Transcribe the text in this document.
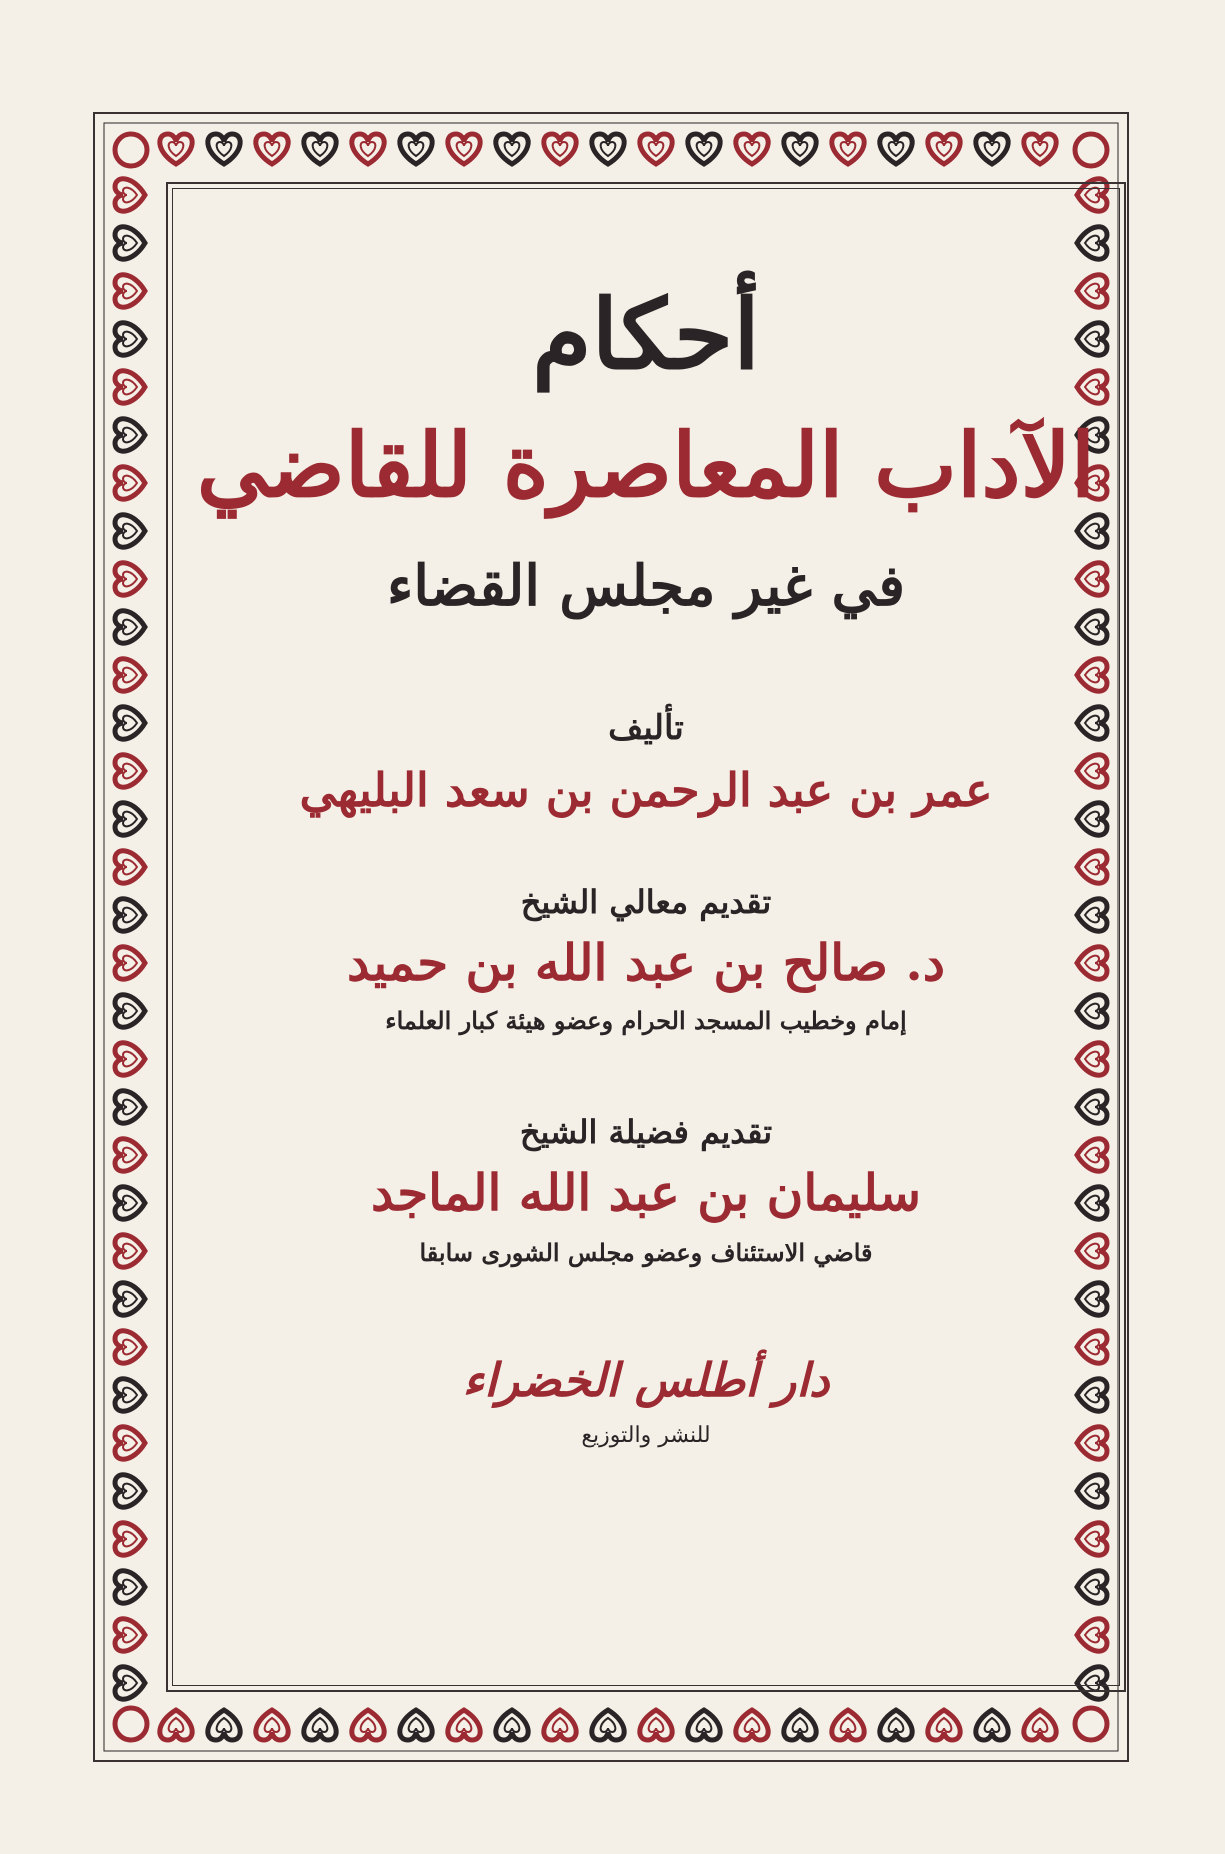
أحكام
الآداب المعاصرة للقاضي
في غير مجلس القضاء
تأليف
عمر بن عبد الرحمن بن سعد البليهي
تقديم معالي الشيخ
د. صالح بن عبد الله بن حميد
إمام وخطيب المسجد الحرام وعضو هيئة كبار العلماء
تقديم فضيلة الشيخ
سليمان بن عبد الله الماجد
قاضي الاستئناف وعضو مجلس الشورى سابقا
دار أطلس الخضراء
للنشر والتوزيع
